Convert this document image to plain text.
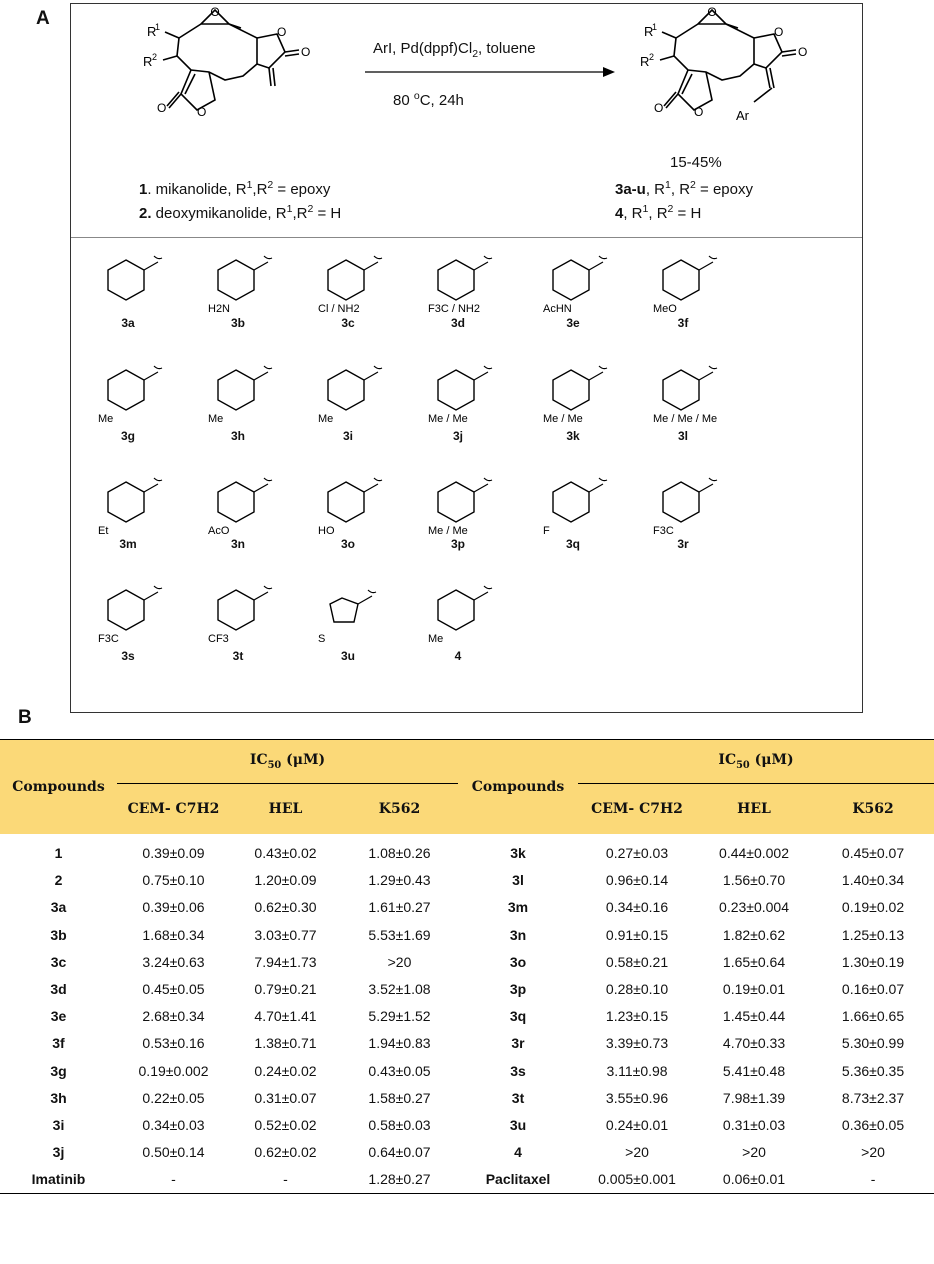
A
B
O
O
O
O
O
R
1
R 2	ArI, $Pd(dppf)Cl_2$, toluene
80 $^o$C, 24h
O
O
O
O
O	Ar
R
1
R 2
15-45%
1. mikanolide, $R^1,R^2$ = epoxy
2. deoxymikanolide, $R^1,R^2 = H$
3a-u, $R^1$, $R^2$ = epoxy
4, $R^1$, $R^2 = H$
3a
H2N
3b
Cl / NH2
3c
F3C / NH2
3d
AcHN
3e
MeO
3f
Me
3g
Me
3h
Me
3i
Me / Me
3j
Me / Me
3k
Me / Me / Me
3l
Et
3m
AcO
3n
HO
3o
Me / Me
3p
F
3q
F3C
3r
F3C
3s
CF3
3t
S
3u
Me
4
Compounds	$IC_{50}$ (μM)			Compounds	$IC_{50}$ (μM)		
	CEM- C7H2	HEL	K562		CEM- C7H2	HEL	K562
1	0.39±0.09	0.43±0.02	1.08±0.26	3k	0.27±0.03	0.44±0.002	0.45±0.07
2	0.75±0.10	1.20±0.09	1.29±0.43	3l	0.96±0.14	1.56±0.70	1.40±0.34
3a	0.39±0.06	0.62±0.30	1.61±0.27	3m	0.34±0.16	0.23±0.004	0.19±0.02
3b	1.68±0.34	3.03±0.77	5.53±1.69	3n	0.91±0.15	1.82±0.62	1.25±0.13
3c	3.24±0.63	7.94±1.73	>20	3o	0.58±0.21	1.65±0.64	1.30±0.19
3d	0.45±0.05	0.79±0.21	3.52±1.08	3p	0.28±0.10	0.19±0.01	0.16±0.07
3e	2.68±0.34	4.70±1.41	5.29±1.52	3q	1.23±0.15	1.45±0.44	1.66±0.65
3f	0.53±0.16	1.38±0.71	1.94±0.83	3r	3.39±0.73	4.70±0.33	5.30±0.99
3g	0.19±0.002	0.24±0.02	0.43±0.05	3s	3.11±0.98	5.41±0.48	5.36±0.35
3h	0.22±0.05	0.31±0.07	1.58±0.27	3t	3.55±0.96	7.98±1.39	8.73±2.37
3i	0.34±0.03	0.52±0.02	0.58±0.03	3u	0.24±0.01	0.31±0.03	0.36±0.05
3j	0.50±0.14	0.62±0.02	0.64±0.07	4	>20	>20	>20
Imatinib	-	-	1.28±0.27	Paclitaxel	0.005±0.001	0.06±0.01	-
